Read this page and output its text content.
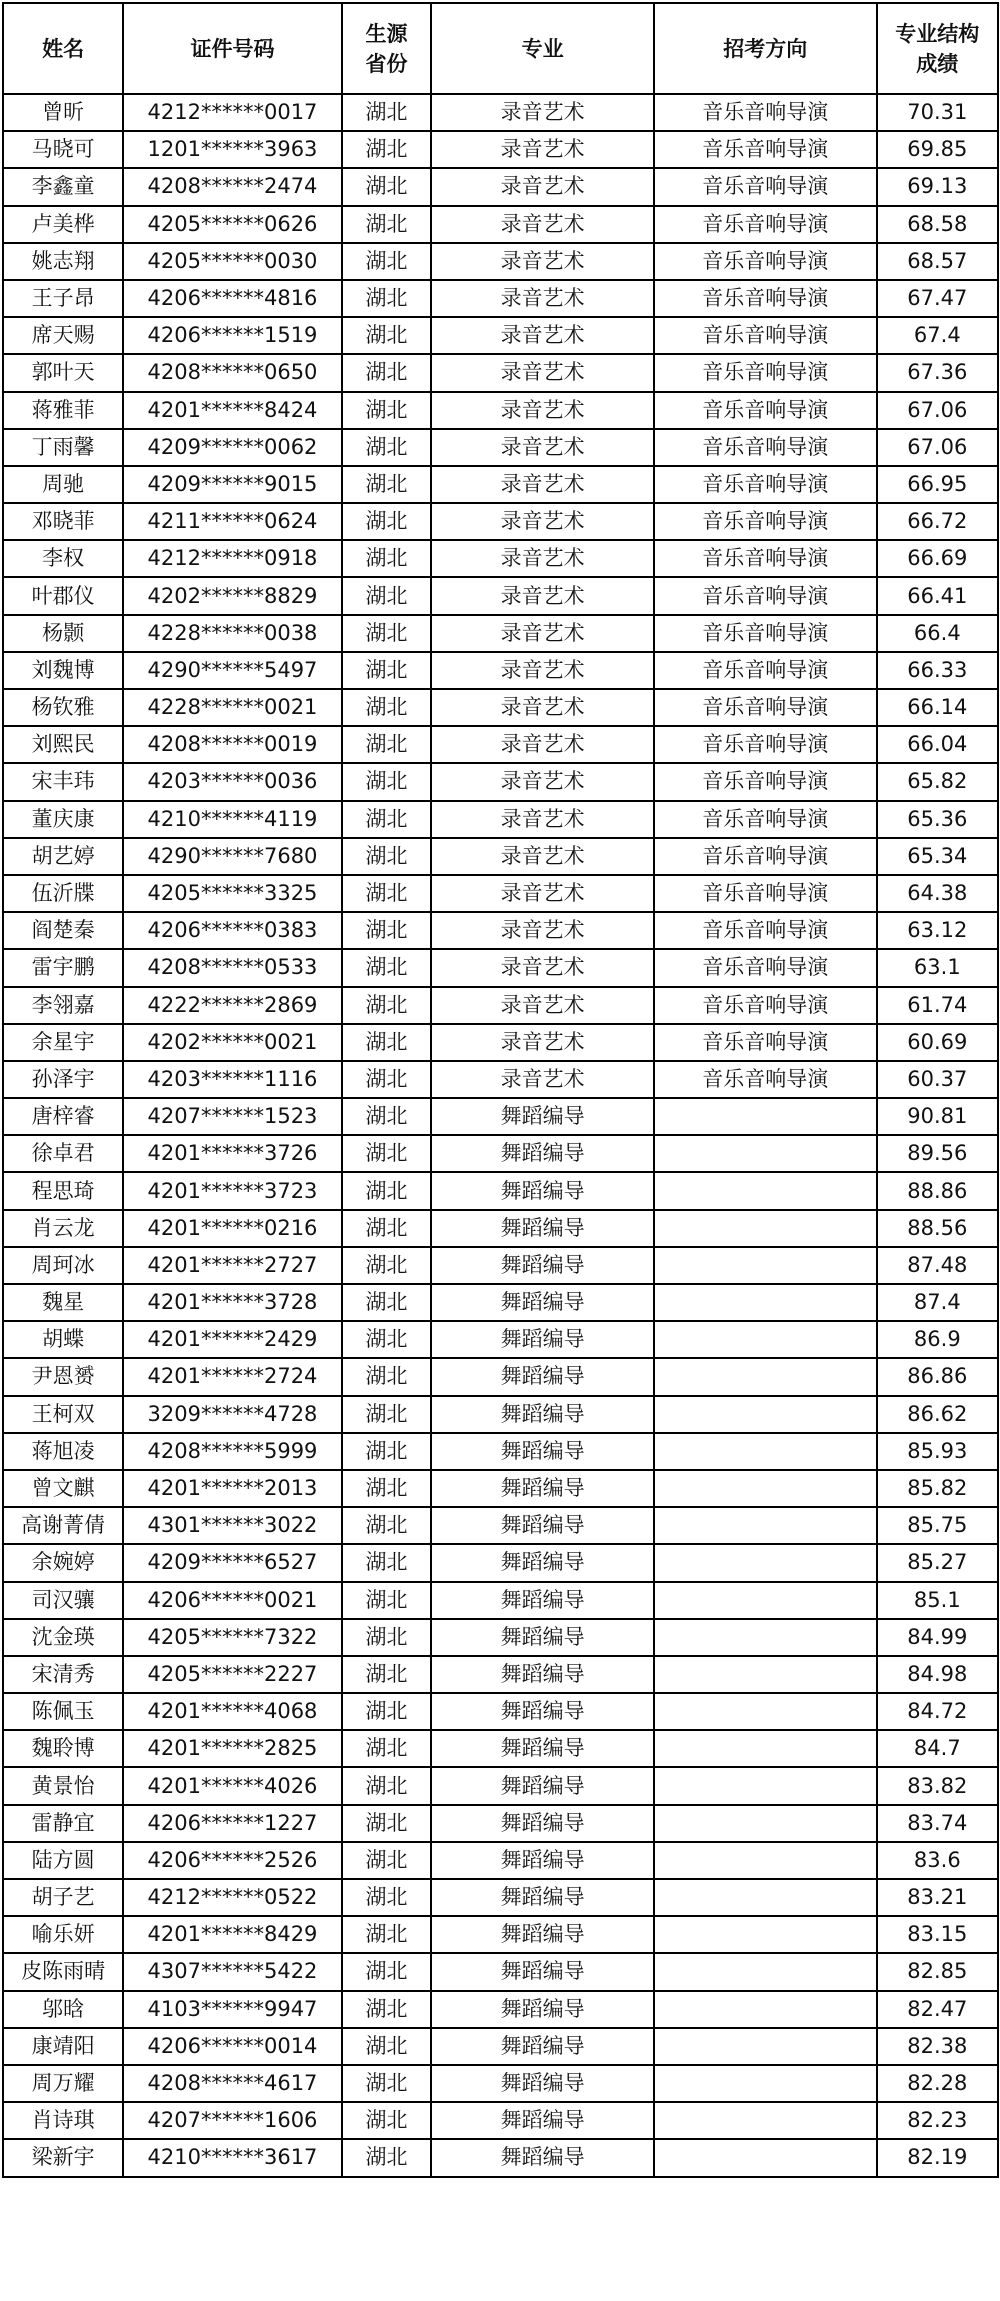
姓名	证件号码	生源省份	专业	招考方向	专业结构成绩
曾昕	4212******0017	湖北	录音艺术	音乐音响导演	70.31
马晓可	1201******3963	湖北	录音艺术	音乐音响导演	69.85
李鑫童	4208******2474	湖北	录音艺术	音乐音响导演	69.13
卢美桦	4205******0626	湖北	录音艺术	音乐音响导演	68.58
姚志翔	4205******0030	湖北	录音艺术	音乐音响导演	68.57
王子昂	4206******4816	湖北	录音艺术	音乐音响导演	67.47
席天赐	4206******1519	湖北	录音艺术	音乐音响导演	67.4
郭叶天	4208******0650	湖北	录音艺术	音乐音响导演	67.36
蒋雅菲	4201******8424	湖北	录音艺术	音乐音响导演	67.06
丁雨馨	4209******0062	湖北	录音艺术	音乐音响导演	67.06
周驰	4209******9015	湖北	录音艺术	音乐音响导演	66.95
邓晓菲	4211******0624	湖北	录音艺术	音乐音响导演	66.72
李权	4212******0918	湖北	录音艺术	音乐音响导演	66.69
叶郡仪	4202******8829	湖北	录音艺术	音乐音响导演	66.41
杨颢	4228******0038	湖北	录音艺术	音乐音响导演	66.4
刘魏博	4290******5497	湖北	录音艺术	音乐音响导演	66.33
杨钦雅	4228******0021	湖北	录音艺术	音乐音响导演	66.14
刘熙民	4208******0019	湖北	录音艺术	音乐音响导演	66.04
宋丰玮	4203******0036	湖北	录音艺术	音乐音响导演	65.82
董庆康	4210******4119	湖北	录音艺术	音乐音响导演	65.36
胡艺婷	4290******7680	湖北	录音艺术	音乐音响导演	65.34
伍沂牒	4205******3325	湖北	录音艺术	音乐音响导演	64.38
阎楚秦	4206******0383	湖北	录音艺术	音乐音响导演	63.12
雷宇鹏	4208******0533	湖北	录音艺术	音乐音响导演	63.1
李翎嘉	4222******2869	湖北	录音艺术	音乐音响导演	61.74
余星宇	4202******0021	湖北	录音艺术	音乐音响导演	60.69
孙泽宇	4203******1116	湖北	录音艺术	音乐音响导演	60.37
唐梓睿	4207******1523	湖北	舞蹈编导		90.81
徐卓君	4201******3726	湖北	舞蹈编导		89.56
程思琦	4201******3723	湖北	舞蹈编导		88.86
肖云龙	4201******0216	湖北	舞蹈编导		88.56
周珂冰	4201******2727	湖北	舞蹈编导		87.48
魏星	4201******3728	湖北	舞蹈编导		87.4
胡蝶	4201******2429	湖北	舞蹈编导		86.9
尹恩赟	4201******2724	湖北	舞蹈编导		86.86
王柯双	3209******4728	湖北	舞蹈编导		86.62
蒋旭凌	4208******5999	湖北	舞蹈编导		85.93
曾文麒	4201******2013	湖北	舞蹈编导		85.82
高谢菁倩	4301******3022	湖北	舞蹈编导		85.75
余婉婷	4209******6527	湖北	舞蹈编导		85.27
司汉骧	4206******0021	湖北	舞蹈编导		85.1
沈金瑛	4205******7322	湖北	舞蹈编导		84.99
宋清秀	4205******2227	湖北	舞蹈编导		84.98
陈佩玉	4201******4068	湖北	舞蹈编导		84.72
魏聆博	4201******2825	湖北	舞蹈编导		84.7
黄景怡	4201******4026	湖北	舞蹈编导		83.82
雷静宜	4206******1227	湖北	舞蹈编导		83.74
陆方圆	4206******2526	湖北	舞蹈编导		83.6
胡子艺	4212******0522	湖北	舞蹈编导		83.21
喻乐妍	4201******8429	湖北	舞蹈编导		83.15
皮陈雨晴	4307******5422	湖北	舞蹈编导		82.85
邬晗	4103******9947	湖北	舞蹈编导		82.47
康靖阳	4206******0014	湖北	舞蹈编导		82.38
周万耀	4208******4617	湖北	舞蹈编导		82.28
肖诗琪	4207******1606	湖北	舞蹈编导		82.23
梁新宇	4210******3617	湖北	舞蹈编导		82.19
